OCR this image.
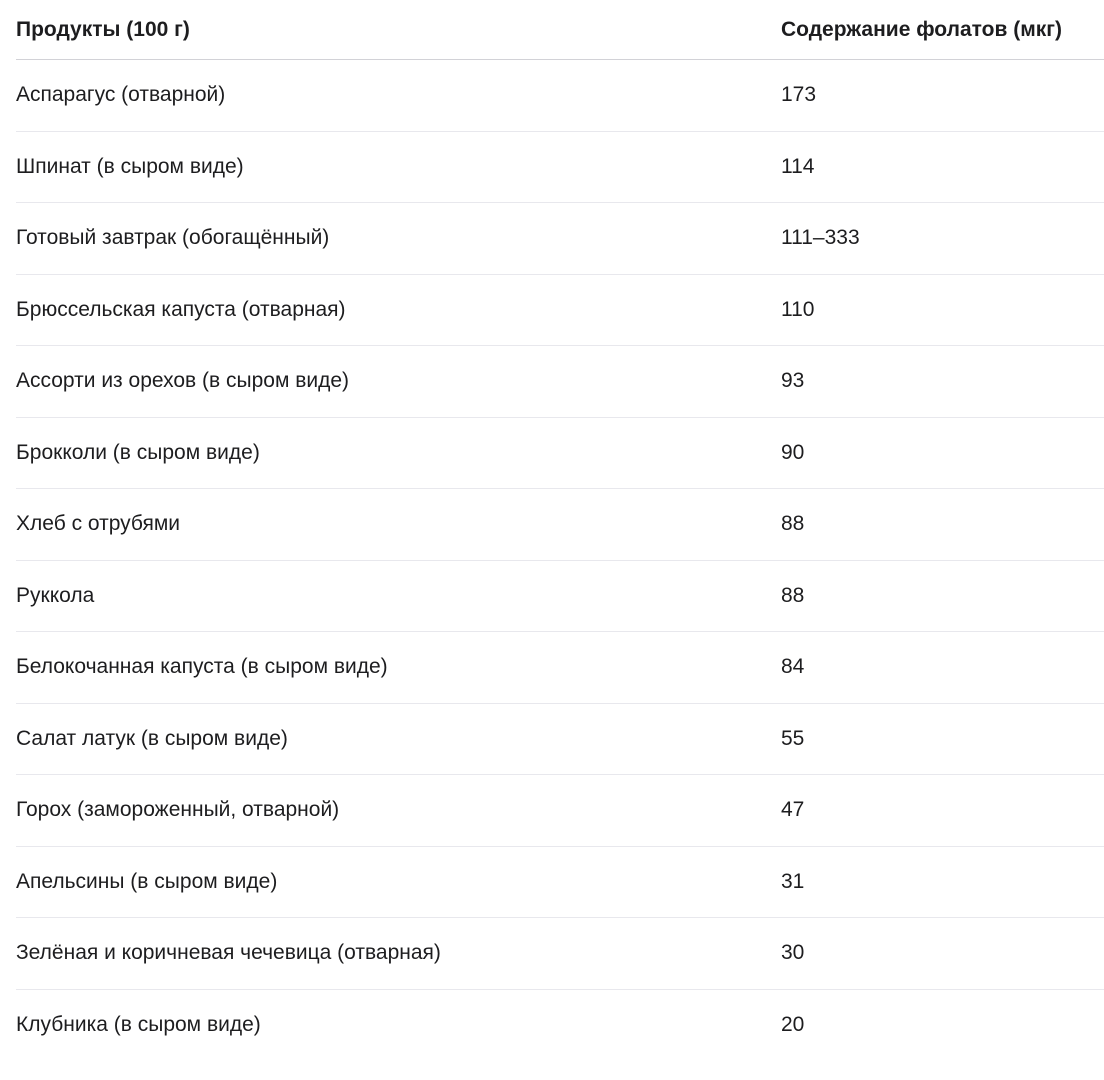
Продукты (100 г)	Содержание фолатов (мкг)
Аспарагус (отварной)	173
Шпинат (в сыром виде)	114
Готовый завтрак (обогащённый)	111–333
Брюссельская капуста (отварная)	110
Ассорти из орехов (в сыром виде)	93
Брокколи (в сыром виде)	90
Хлеб с отрубями	88
Руккола	88
Белокочанная капуста (в сыром виде)	84
Салат латук (в сыром виде)	55
Горох (замороженный, отварной)	47
Апельсины (в сыром виде)	31
Зелёная и коричневая чечевица (отварная)	30
Клубника (в сыром виде)	20
